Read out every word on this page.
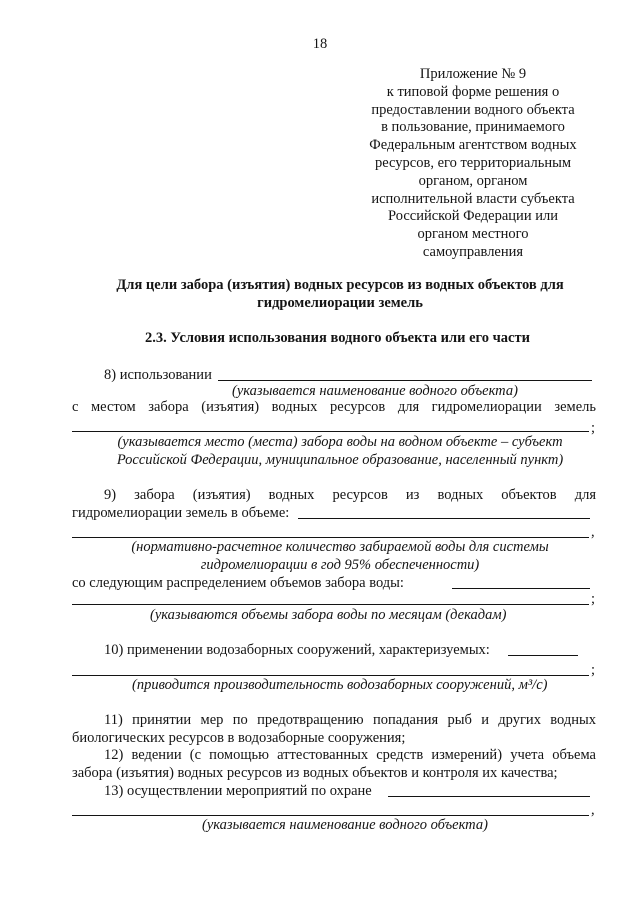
18
Приложение № 9
к типовой форме решения о
предоставлении водного объекта
в пользование, принимаемого
Федеральным агентством водных
ресурсов, его территориальным
органом, органом
исполнительной власти субъекта
Российской Федерации или
органом местного
самоуправления
Для цели забора (изъятия) водных ресурсов из водных объектов для
гидромелиорации земель
2.3. Условия использования водного объекта или его части
8) использовании
(указывается наименование водного объекта)
с местом забора (изъятия) водных ресурсов для гидромелиорации земель
;
(указывается место (места) забора воды на водном объекте – субъект
Российской Федерации, муниципальное образование, населенный пункт)
9) забора (изъятия) водных ресурсов из водных объектов для
гидромелиорации земель в объеме:
,
(нормативно-расчетное количество забираемой воды для системы
гидромелиорации в год 95% обеспеченности)
со следующим распределением объемов забора воды:
;
(указываются объемы забора воды по месяцам (декадам)
10) применении водозаборных сооружений, характеризуемых:
;
(приводится производительность водозаборных сооружений, м³/с)
11) принятии мер по предотвращению попадания рыб и других водных
биологических ресурсов в водозаборные сооружения;
12) ведении (с помощью аттестованных средств измерений) учета объема
забора (изъятия) водных ресурсов из водных объектов и контроля их качества;
13) осуществлении мероприятий по охране
,
(указывается наименование водного объекта)
